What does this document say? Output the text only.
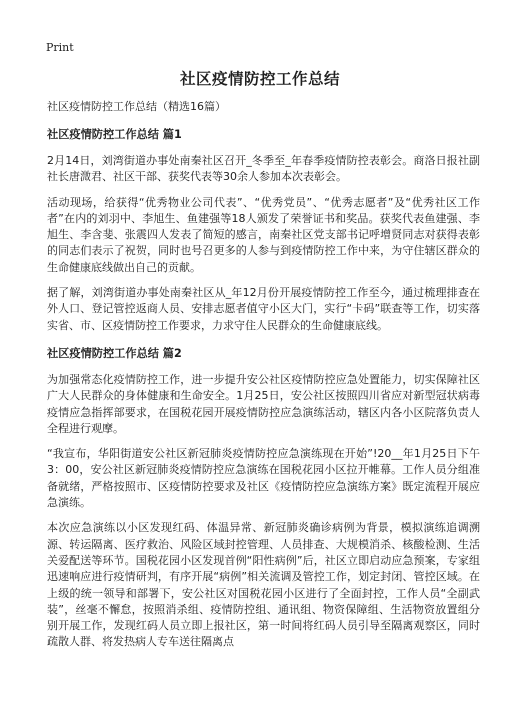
Print
社区疫情防控工作总结

社区疫情防控工作总结（精选16篇）

社区疫情防控工作总结 篇1

2月14日，刘湾街道办事处南秦社区召开_冬季至_年春季疫情防控表彰会。商洛日报社副社长唐溦君、社区干部、获奖代表等30余人参加本次表彰会。

活动现场，给获得“优秀物业公司代表”、“优秀党员”、“优秀志愿者”及“优秀社区工作者”在内的刘羽中、李旭生、鱼建强等18人颁发了荣誉证书和奖品。获奖代表鱼建强、李旭生、李含斐、张震四人发表了简短的感言，南秦社区党支部书记呼增贤同志对获得表彰的同志们表示了祝贺，同时也号召更多的人参与到疫情防控工作中来，为守住辖区群众的生命健康底线做出自己的贡献。

据了解，刘湾街道办事处南秦社区从_年12月份开展疫情防控工作至今，通过梳理排查在外人口、登记管控返商人员、安排志愿者值守小区大门，实行“卡码”联查等工作，切实落实省、市、区疫情防控工作要求，力求守住人民群众的生命健康底线。

社区疫情防控工作总结 篇2

为加强常态化疫情防控工作，进一步提升安公社区疫情防控应急处置能力，切实保障社区广大人民群众的身体健康和生命安全。1月25日，安公社区按照四川省应对新型冠状病毒疫情应急指挥部要求，在国税花园开展疫情防控应急演练活动，辖区内各小区院落负责人全程进行观摩。

“我宣布，华阳街道安公社区新冠肺炎疫情防控应急演练现在开始”!20__年1月25日下午3：00，安公社区新冠肺炎疫情防控应急演练在国税花园小区拉开帷幕。工作人员分组准备就绪，严格按照市、区疫情防控要求及社区《疫情防控应急演练方案》既定流程开展应急演练。

本次应急演练以小区发现红码、体温异常、新冠肺炎确诊病例为背景，模拟演练追调溯源、转运隔离、医疗救治、风险区域封控管理、人员排查、大规模消杀、核酸检测、生活关爱配送等环节。国税花园小区发现首例“阳性病例”后，社区立即启动应急预案，专家组迅速响应进行疫情研判，有序开展“病例”相关流调及管控工作，划定封闭、管控区域。在上级的统一领导和部署下，安公社区对国税花园小区进行了全面封控，工作人员“全副武装”，丝毫不懈怠，按照消杀组、疫情防控组、通讯组、物资保障组、生活物资放置组分别开展工作，发现红码人员立即上报社区，第一时间将红码人员引导至隔离观察区，同时疏散人群、将发热病人专车送往隔离点
